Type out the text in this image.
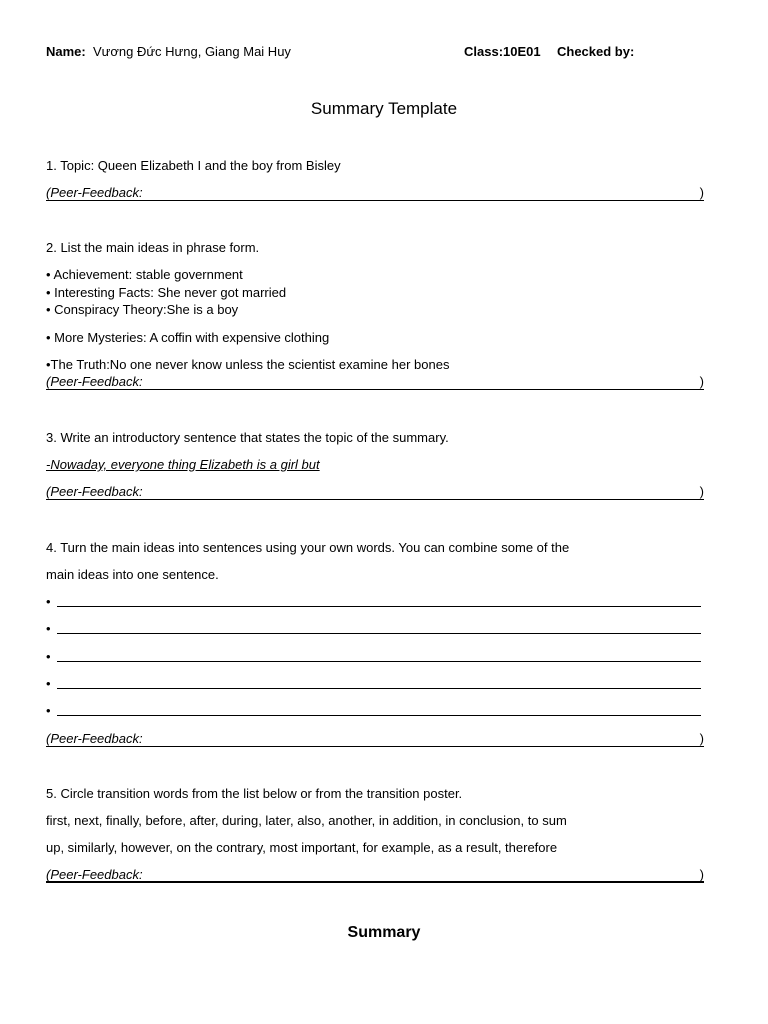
Name: Vương Đức Hưng, Giang Mai Huy	Class:10E01 Checked by:
Summary Template
1. Topic: Queen Elizabeth I and the boy from Bisley
(Peer-Feedback:	)
2. List the main ideas in phrase form.
• Achievement: stable government
• Interesting Facts: She never got married
• Conspiracy Theory:She is a boy
• More Mysteries: A coffin with expensive clothing
•The Truth:No one never know unless the scientist examine her bones
(Peer-Feedback:	)
3. Write an introductory sentence that states the topic of the summary.
-Nowaday, everyone thing Elizabeth is a girl but
(Peer-Feedback:	)
4. Turn the main ideas into sentences using your own words. You can combine some of the
main ideas into one sentence.
•
•
•
•
•
(Peer-Feedback:	)
5. Circle transition words from the list below or from the transition poster.
first, next, finally, before, after, during, later, also, another, in addition, in conclusion, to sum
up, similarly, however, on the contrary, most important, for example, as a result, therefore
(Peer-Feedback:	)
Summary
